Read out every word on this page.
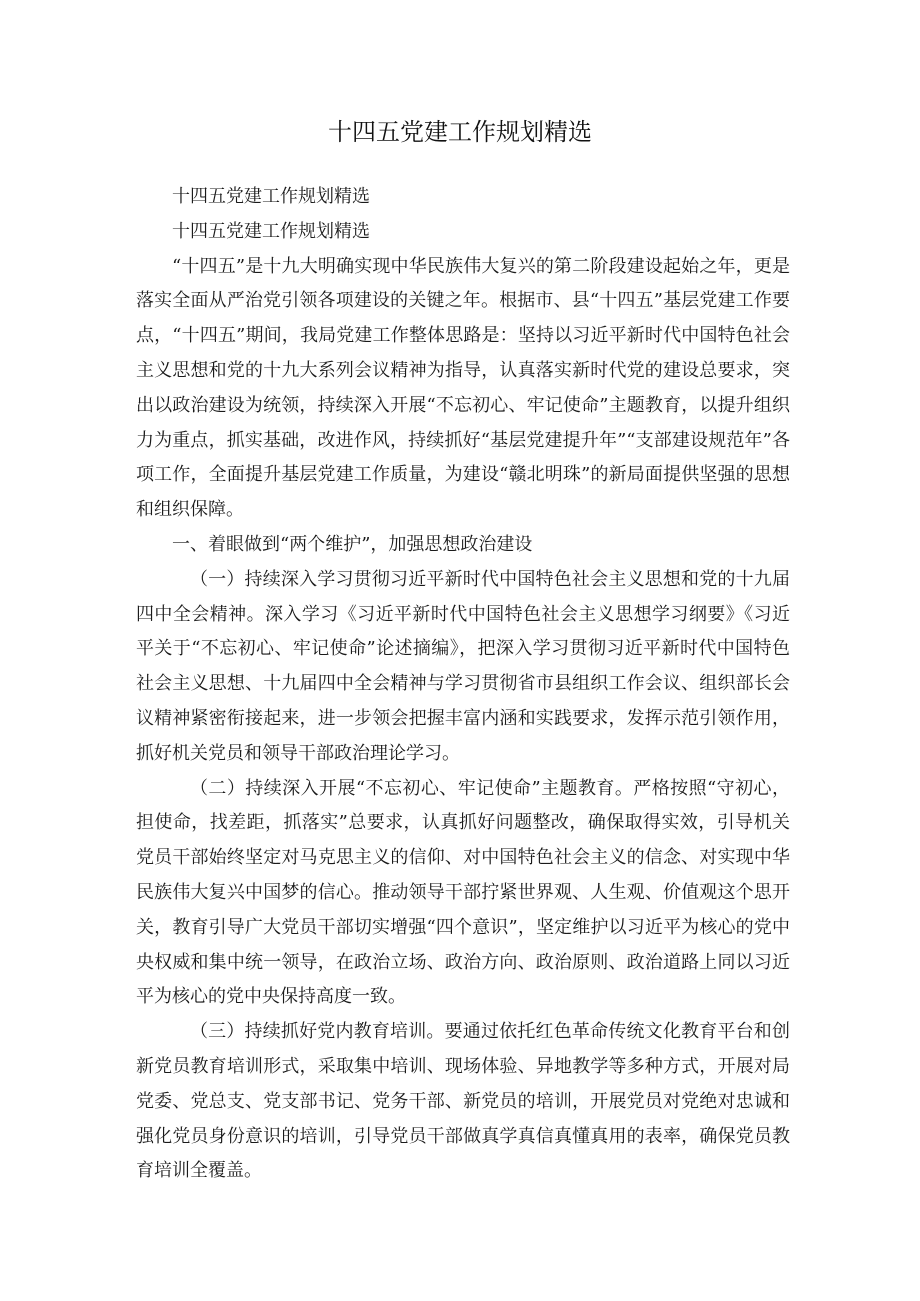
十四五党建工作规划精选

十四五党建工作规划精选

十四五党建工作规划精选

“十四五”是十九大明确实现中华民族伟大复兴的第二阶段建设起始之年，更是落实全面从严治党引领各项建设的关键之年。根据市、县“十四五”基层党建工作要点，“十四五”期间，我局党建工作整体思路是：坚持以习近平新时代中国特色社会主义思想和党的十九大系列会议精神为指导，认真落实新时代党的建设总要求，突出以政治建设为统领，持续深入开展“不忘初心、牢记使命”主题教育，以提升组织力为重点，抓实基础，改进作风，持续抓好“基层党建提升年”“支部建设规范年”各项工作，全面提升基层党建工作质量，为建设“赣北明珠”的新局面提供坚强的思想和组织保障。

一、着眼做到“两个维护”，加强思想政治建设

（一）持续深入学习贯彻习近平新时代中国特色社会主义思想和党的十九届四中全会精神。深入学习《习近平新时代中国特色社会主义思想学习纲要》《习近平关于“不忘初心、牢记使命”论述摘编》，把深入学习贯彻习近平新时代中国特色社会主义思想、十九届四中全会精神与学习贯彻省市县组织工作会议、组织部长会议精神紧密衔接起来，进一步领会把握丰富内涵和实践要求，发挥示范引领作用，抓好机关党员和领导干部政治理论学习。

（二）持续深入开展“不忘初心、牢记使命”主题教育。严格按照“守初心，担使命，找差距，抓落实”总要求，认真抓好问题整改，确保取得实效，引导机关党员干部始终坚定对马克思主义的信仰、对中国特色社会主义的信念、对实现中华民族伟大复兴中国梦的信心。推动领导干部拧紧世界观、人生观、价值观这个思开关，教育引导广大党员干部切实增强“四个意识”，坚定维护以习近平为核心的党中央权威和集中统一领导，在政治立场、政治方向、政治原则、政治道路上同以习近平为核心的党中央保持高度一致。

（三）持续抓好党内教育培训。要通过依托红色革命传统文化教育平台和创新党员教育培训形式，采取集中培训、现场体验、异地教学等多种方式，开展对局党委、党总支、党支部书记、党务干部、新党员的培训，开展党员对党绝对忠诚和强化党员身份意识的培训，引导党员干部做真学真信真懂真用的表率，确保党员教育培训全覆盖。
